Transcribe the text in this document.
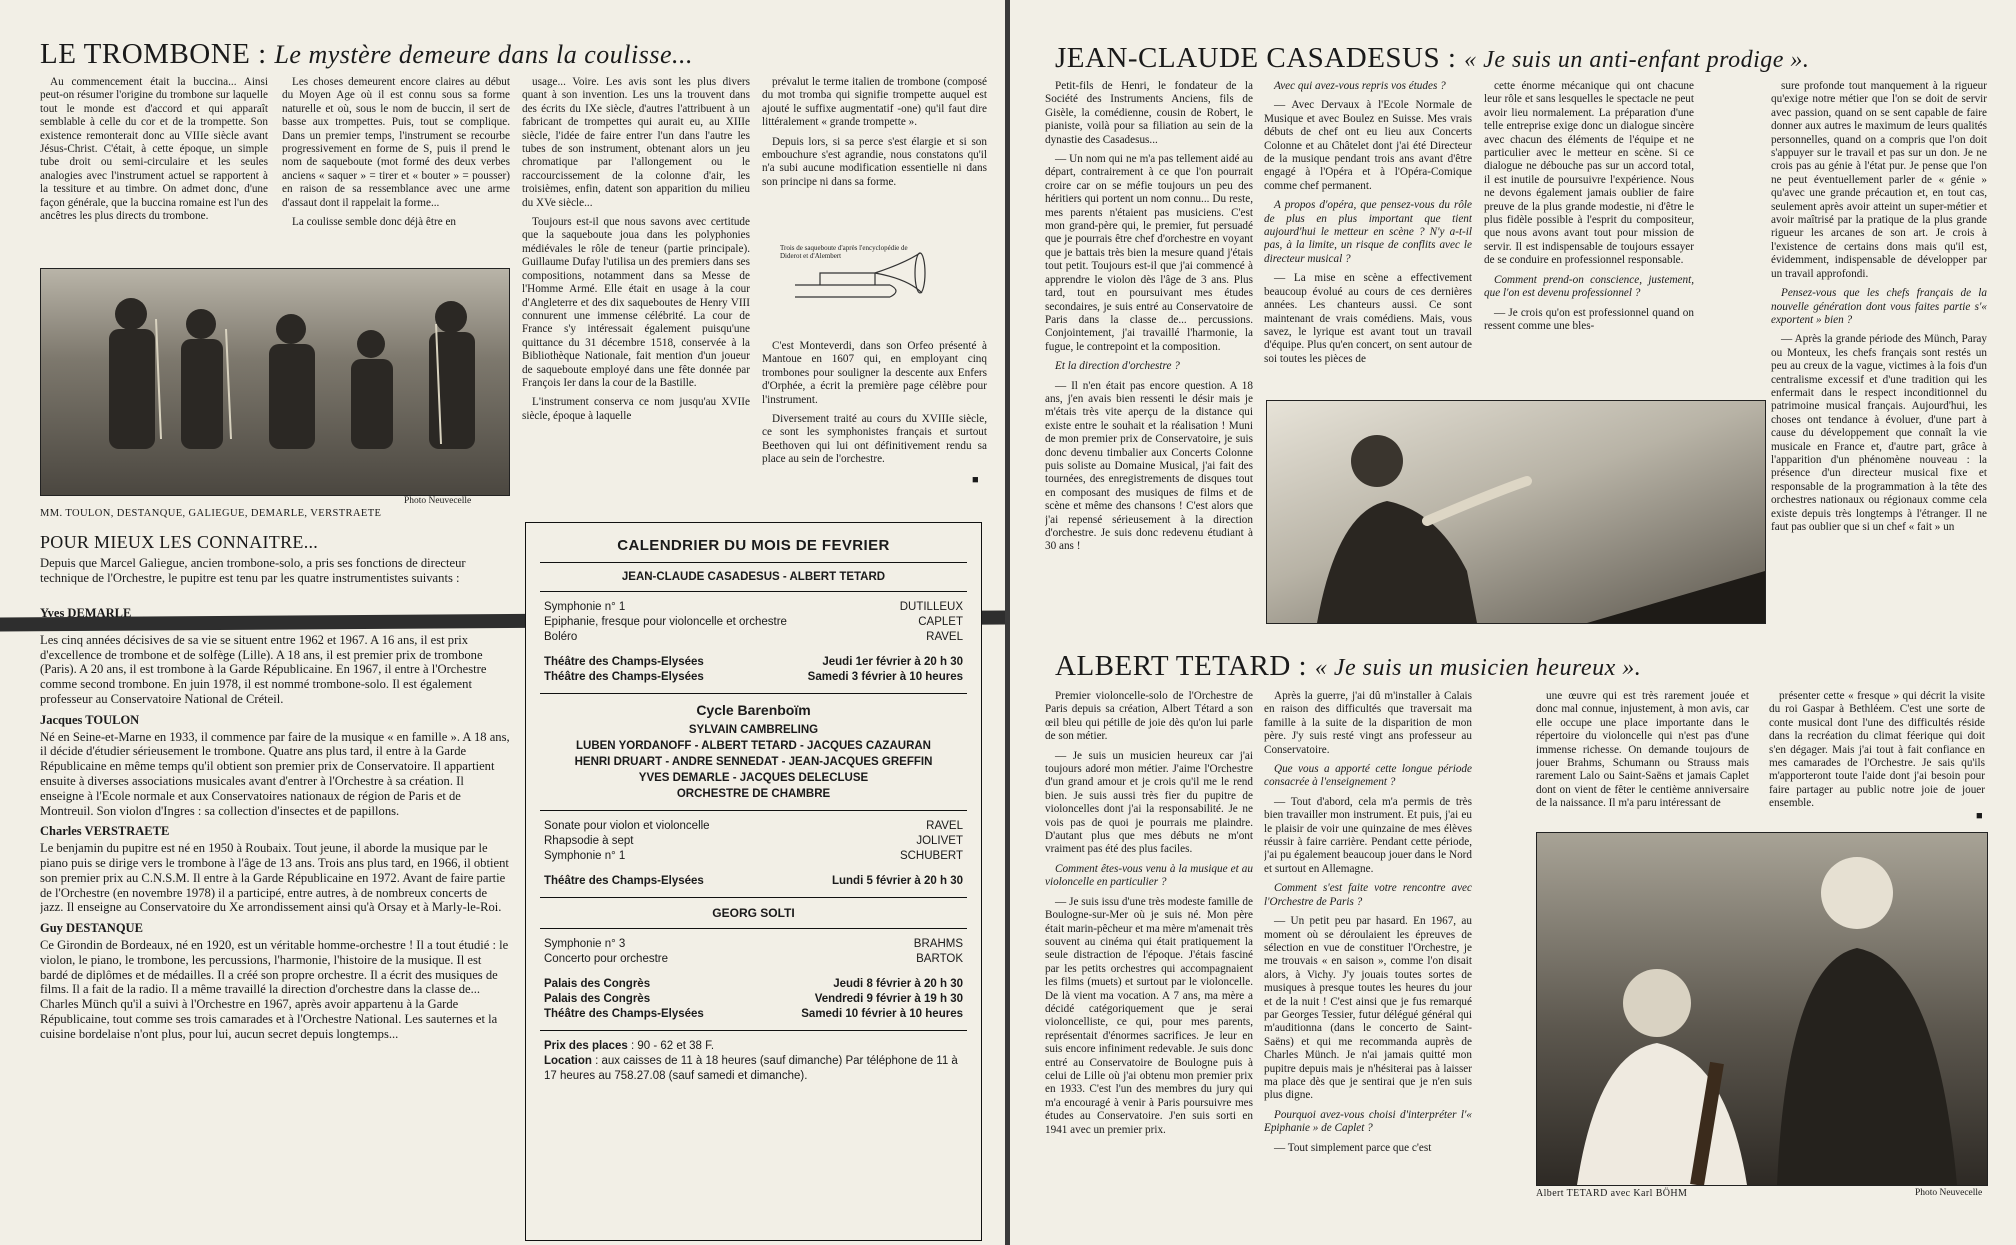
LE TROMBONE : Le mystère demeure dans la coulisse...

Au commencement était la buccina... Ainsi peut-on résumer l'origine du trombone sur laquelle tout le monde est d'accord et qui apparaît semblable à celle du cor et de la trompette. Son existence remonterait donc au VIIIe siècle avant Jésus-Christ. C'était, à cette époque, un simple tube droit ou semi-circulaire et les seules analogies avec l'instrument actuel se rapportent à la tessiture et au timbre. On admet donc, d'une façon générale, que la buccina romaine est l'un des ancêtres les plus directs du trombone.

Les choses demeurent encore claires au début du Moyen Age où il est connu sous sa forme naturelle et où, sous le nom de buccin, il sert de basse aux trompettes. Puis, tout se complique. Dans un premier temps, l'instrument se recourbe progressivement en forme de S, puis il prend le nom de saqueboute (mot formé des deux verbes anciens « saquer » = tirer et « bouter » = pousser) en raison de sa ressemblance avec une arme d'assaut dont il rappelait la forme...

La coulisse semble donc déjà être en

usage... Voire. Les avis sont les plus divers quant à son invention. Les uns la trouvent dans des écrits du IXe siècle, d'autres l'attribuent à un fabricant de trompettes qui aurait eu, au XIIIe siècle, l'idée de faire entrer l'un dans l'autre les tubes de son instrument, obtenant alors un jeu chromatique par l'allongement ou le raccourcissement de la colonne d'air, les troisièmes, enfin, datent son apparition du milieu du XVe siècle...

Toujours est-il que nous savons avec certitude que la saqueboute joua dans les polyphonies médiévales le rôle de teneur (partie principale). Guillaume Dufay l'utilisa un des premiers dans ses compositions, notamment dans sa Messe de l'Homme Armé. Elle était en usage à la cour d'Angleterre et des dix saqueboutes de Henry VIII connurent une immense célébrité. La cour de France s'y intéressait également puisqu'une quittance du 31 décembre 1518, conservée à la Bibliothèque Nationale, fait mention d'un joueur de saqueboute employé dans une fête donnée par François Ier dans la cour de la Bastille.

L'instrument conserva ce nom jusqu'au XVIIe siècle, époque à laquelle

prévalut le terme italien de trombone (composé du mot tromba qui signifie trompette auquel est ajouté le suffixe augmentatif -one) qu'il faut dire littéralement « grande trompette ».

Depuis lors, si sa perce s'est élargie et si son embouchure s'est agrandie, nous constatons qu'il n'a subi aucune modification essentielle ni dans son principe ni dans sa forme.

Trois de saqueboute d'après l'encyclopédie de Diderot et d'Alembert

C'est Monteverdi, dans son Orfeo présenté à Mantoue en 1607 qui, en employant cinq trombones pour souligner la descente aux Enfers d'Orphée, a écrit la première page célèbre pour l'instrument.

Diversement traité au cours du XVIIIe siècle, ce sont les symphonistes français et surtout Beethoven qui lui ont définitivement rendu sa place au sein de l'orchestre.

■
Photo Neuvecelle
MM. TOULON, DESTANQUE, GALIEGUE, DEMARLE, VERSTRAETE
POUR MIEUX LES CONNAITRE...

Depuis que Marcel Galiegue, ancien trombone-solo, a pris ses fonctions de directeur technique de l'Orchestre, le pupitre est tenu par les quatre instrumentistes suivants :

Yves DEMARLE

Les cinq années décisives de sa vie se situent entre 1962 et 1967. A 16 ans, il est prix d'excellence de trombone et de solfège (Lille). A 18 ans, il est premier prix de trombone (Paris). A 20 ans, il est trombone à la Garde Républicaine. En 1967, il entre à l'Orchestre comme second trombone. En juin 1978, il est nommé trombone-solo. Il est également professeur au Conservatoire National de Créteil.

Jacques TOULON

Né en Seine-et-Marne en 1933, il commence par faire de la musique « en famille ». A 18 ans, il décide d'étudier sérieusement le trombone. Quatre ans plus tard, il entre à la Garde Républicaine en même temps qu'il obtient son premier prix de Conservatoire. Il appartient ensuite à diverses associations musicales avant d'entrer à l'Orchestre à sa création. Il enseigne à l'Ecole normale et aux Conservatoires nationaux de région de Paris et de Montreuil. Son violon d'Ingres : sa collection d'insectes et de papillons.

Charles VERSTRAETE

Le benjamin du pupitre est né en 1950 à Roubaix. Tout jeune, il aborde la musique par le piano puis se dirige vers le trombone à l'âge de 13 ans. Trois ans plus tard, en 1966, il obtient son premier prix au C.N.S.M. Il entre à la Garde Républicaine en 1972. Avant de faire partie de l'Orchestre (en novembre 1978) il a participé, entre autres, à de nombreux concerts de jazz. Il enseigne au Conservatoire du Xe arrondissement ainsi qu'à Orsay et à Marly-le-Roi.

Guy DESTANQUE

Ce Girondin de Bordeaux, né en 1920, est un véritable homme-orchestre ! Il a tout étudié : le violon, le piano, le trombone, les percussions, l'harmonie, l'histoire de la musique. Il est bardé de diplômes et de médailles. Il a créé son propre orchestre. Il a écrit des musiques de films. Il a fait de la radio. Il a même travaillé la direction d'orchestre dans la classe de... Charles Münch qu'il a suivi à l'Orchestre en 1967, après avoir appartenu à la Garde Républicaine, tout comme ses trois camarades et à l'Orchestre National. Les sauternes et la cuisine bordelaise n'ont plus, pour lui, aucun secret depuis longtemps...

CALENDRIER DU MOIS DE FEVRIER
JEAN-CLAUDE CASADESUS - ALBERT TETARD
Symphonie n° 1	DUTILLEUX
Epiphanie, fresque pour violoncelle et orchestre	CAPLET
Boléro	RAVEL
Théâtre des Champs-Elysées	Jeudi 1er février à 20 h 30
Théâtre des Champs-Elysées	Samedi 3 février à 10 heures
Cycle Barenboïm
SYLVAIN CAMBRELING
LUBEN YORDANOFF - ALBERT TETARD - JACQUES CAZAURAN
HENRI DRUART - ANDRE SENNEDAT - JEAN-JACQUES GREFFIN
YVES DEMARLE - JACQUES DELECLUSE
ORCHESTRE DE CHAMBRE
Sonate pour violon et violoncelle	RAVEL
Rhapsodie à sept	JOLIVET
Symphonie n° 1	SCHUBERT
Théâtre des Champs-Elysées	Lundi 5 février à 20 h 30
GEORG SOLTI
Symphonie n° 3	BRAHMS
Concerto pour orchestre	BARTOK
Palais des Congrès	Jeudi 8 février à 20 h 30
Palais des Congrès	Vendredi 9 février à 19 h 30
Théâtre des Champs-Elysées	Samedi 10 février à 10 heures
Prix des places : 90 - 62 et 38 F.
Location : aux caisses de 11 à 18 heures (sauf dimanche) Par téléphone de 11 à 17 heures au 758.27.08 (sauf samedi et dimanche).
JEAN-CLAUDE CASADESUS : « Je suis un anti-enfant prodige ».

Petit-fils de Henri, le fondateur de la Société des Instruments Anciens, fils de Gisèle, la comédienne, cousin de Robert, le pianiste, voilà pour sa filiation au sein de la dynastie des Casadesus...

— Un nom qui ne m'a pas tellement aidé au départ, contrairement à ce que l'on pourrait croire car on se méfie toujours un peu des héritiers qui portent un nom connu... Du reste, mes parents n'étaient pas musiciens. C'est mon grand-père qui, le premier, fut persuadé que je pourrais être chef d'orchestre en voyant que je battais très bien la mesure quand j'étais tout petit. Toujours est-il que j'ai commencé à apprendre le violon dès l'âge de 3 ans. Plus tard, tout en poursuivant mes études secondaires, je suis entré au Conservatoire de Paris dans la classe de... percussions. Conjointement, j'ai travaillé l'harmonie, la fugue, le contrepoint et la composition.

Et la direction d'orchestre ?

— Il n'en était pas encore question. A 18 ans, j'en avais bien ressenti le désir mais je m'étais très vite aperçu de la distance qui existe entre le souhait et la réalisation ! Muni de mon premier prix de Conservatoire, je suis donc devenu timbalier aux Concerts Colonne puis soliste au Domaine Musical, j'ai fait des tournées, des enregistrements de disques tout en composant des musiques de films et de scène et même des chansons ! C'est alors que j'ai repensé sérieusement à la direction d'orchestre. Je suis donc redevenu étudiant à 30 ans !

Avec qui avez-vous repris vos études ?

— Avec Dervaux à l'Ecole Normale de Musique et avec Boulez en Suisse. Mes vrais débuts de chef ont eu lieu aux Concerts Colonne et au Châtelet dont j'ai été Directeur de la musique pendant trois ans avant d'être engagé à l'Opéra et à l'Opéra-Comique comme chef permanent.

A propos d'opéra, que pensez-vous du rôle de plus en plus important que tient aujourd'hui le metteur en scène ? N'y a-t-il pas, à la limite, un risque de conflits avec le directeur musical ?

— La mise en scène a effectivement beaucoup évolué au cours de ces dernières années. Les chanteurs aussi. Ce sont maintenant de vrais comédiens. Mais, vous savez, le lyrique est avant tout un travail d'équipe. Plus qu'en concert, on sent autour de soi toutes les pièces de

cette énorme mécanique qui ont chacune leur rôle et sans lesquelles le spectacle ne peut avoir lieu normalement. La préparation d'une telle entreprise exige donc un dialogue sincère avec chacun des éléments de l'équipe et ne particulier avec le metteur en scène. Si ce dialogue ne débouche pas sur un accord total, il est inutile de poursuivre l'expérience. Nous ne devons également jamais oublier de faire preuve de la plus grande modestie, ni d'être le plus fidèle possible à l'esprit du compositeur, que nous avons avant tout pour mission de servir. Il est indispensable de toujours essayer de se conduire en professionnel responsable.

Comment prend-on conscience, justement, que l'on est devenu professionnel ?

— Je crois qu'on est professionnel quand on ressent comme une bles-

sure profonde tout manquement à la rigueur qu'exige notre métier que l'on se doit de servir avec passion, quand on se sent capable de faire donner aux autres le maximum de leurs qualités personnelles, quand on a compris que l'on doit s'appuyer sur le travail et pas sur un don. Je ne crois pas au génie à l'état pur. Je pense que l'on ne peut éventuellement parler de « génie » qu'avec une grande précaution et, en tout cas, seulement après avoir atteint un super-métier et avoir maîtrisé par la pratique de la plus grande rigueur les arcanes de son art. Je crois à l'existence de certains dons mais qu'il est, évidemment, indispensable de développer par un travail approfondi.

Pensez-vous que les chefs français de la nouvelle génération dont vous faites partie s'« exportent » bien ?

— Après la grande période des Münch, Paray ou Monteux, les chefs français sont restés un peu au creux de la vague, victimes à la fois d'un centralisme excessif et d'une tradition qui les enfermait dans le respect inconditionnel du patrimoine musical français. Aujourd'hui, les choses ont tendance à évoluer, d'une part à cause du développement que connaît la vie musicale en France et, d'autre part, grâce à l'apparition d'un phénomène nouveau : la présence d'un directeur musical fixe et responsable de la programmation à la tête des orchestres nationaux ou régionaux comme cela existe depuis très longtemps à l'étranger. Il ne faut pas oublier que si un chef « fait » un

ALBERT TETARD : « Je suis un musicien heureux ».

Premier violoncelle-solo de l'Orchestre de Paris depuis sa création, Albert Tétard a son œil bleu qui pétille de joie dès qu'on lui parle de son métier.

— Je suis un musicien heureux car j'ai toujours adoré mon métier. J'aime l'Orchestre d'un grand amour et je crois qu'il me le rend bien. Je suis aussi très fier du pupitre de violoncelles dont j'ai la responsabilité. Je ne vois pas de quoi je pourrais me plaindre. D'autant plus que mes débuts ne m'ont vraiment pas été des plus faciles.

Comment êtes-vous venu à la musique et au violoncelle en particulier ?

— Je suis issu d'une très modeste famille de Boulogne-sur-Mer où je suis né. Mon père était marin-pêcheur et ma mère m'amenait très souvent au cinéma qui était pratiquement la seule distraction de l'époque. J'étais fasciné par les petits orchestres qui accompagnaient les films (muets) et surtout par le violoncelle. De là vient ma vocation. A 7 ans, ma mère a décidé catégoriquement que je serai violoncelliste, ce qui, pour mes parents, représentait d'énormes sacrifices. Je leur en suis encore infiniment redevable. Je suis donc entré au Conservatoire de Boulogne puis à celui de Lille où j'ai obtenu mon premier prix en 1933. C'est l'un des membres du jury qui m'a encouragé à venir à Paris poursuivre mes études au Conservatoire. J'en suis sorti en 1941 avec un premier prix.

Après la guerre, j'ai dû m'installer à Calais en raison des difficultés que traversait ma famille à la suite de la disparition de mon père. J'y suis resté vingt ans professeur au Conservatoire.

Que vous a apporté cette longue période consacrée à l'enseignement ?

— Tout d'abord, cela m'a permis de très bien travailler mon instrument. Et puis, j'ai eu le plaisir de voir une quinzaine de mes élèves réussir à faire carrière. Pendant cette période, j'ai pu également beaucoup jouer dans le Nord et surtout en Allemagne.

Comment s'est faite votre rencontre avec l'Orchestre de Paris ?

— Un petit peu par hasard. En 1967, au moment où se déroulaient les épreuves de sélection en vue de constituer l'Orchestre, je me trouvais « en saison », comme l'on disait alors, à Vichy. J'y jouais toutes sortes de musiques à presque toutes les heures du jour et de la nuit ! C'est ainsi que je fus remarqué par Georges Tessier, futur délégué général qui m'auditionna (dans le concerto de Saint-Saëns) et qui me recommanda auprès de Charles Münch. Je n'ai jamais quitté mon pupitre depuis mais je n'hésiterai pas à laisser ma place dès que je sentirai que je n'en suis plus digne.

Pourquoi avez-vous choisi d'interpréter l'« Epiphanie » de Caplet ?

— Tout simplement parce que c'est

une œuvre qui est très rarement jouée et donc mal connue, injustement, à mon avis, car elle occupe une place importante dans le répertoire du violoncelle qui n'est pas d'une immense richesse. On demande toujours de jouer Brahms, Schumann ou Strauss mais rarement Lalo ou Saint-Saëns et jamais Caplet dont on vient de fêter le centième anniversaire de la naissance. Il m'a paru intéressant de

présenter cette « fresque » qui décrit la visite du roi Gaspar à Bethléem. C'est une sorte de conte musical dont l'une des difficultés réside dans la recréation du climat féerique qui doit s'en dégager. Mais j'ai tout à fait confiance en mes camarades de l'Orchestre. Je sais qu'ils m'apporteront toute l'aide dont j'ai besoin pour faire partager au public notre joie de jouer ensemble.

■
Albert TETARD avec Karl BÖHM	Photo Neuvecelle
